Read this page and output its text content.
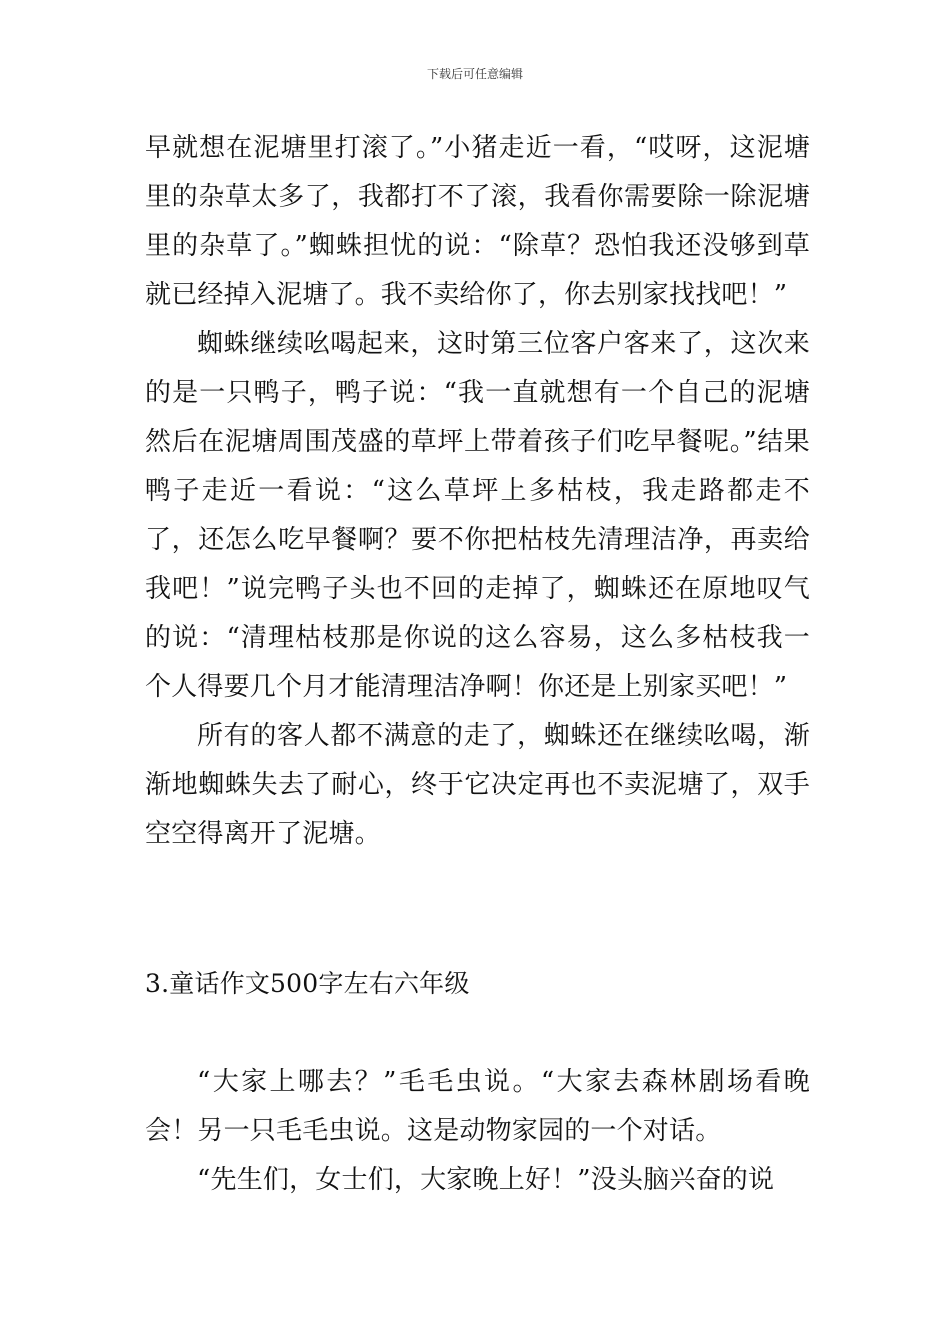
下载后可任意编辑

早就想在泥塘里打滚了。”小猪走近一看，“哎呀，这泥塘里的杂草太多了，我都打不了滚，我看你需要除一除泥塘里的杂草了。”蜘蛛担忧的说：“除草？恐怕我还没够到草就已经掉入泥塘了。我不卖给你了，你去别家找找吧！”

蜘蛛继续吆喝起来，这时第三位客户客来了，这次来的是一只鸭子，鸭子说：“我一直就想有一个自己的泥塘然后在泥塘周围茂盛的草坪上带着孩子们吃早餐呢。”结果鸭子走近一看说：“这么草坪上多枯枝，我走路都走不了，还怎么吃早餐啊？要不你把枯枝先清理洁净，再卖给我吧！”说完鸭子头也不回的走掉了，蜘蛛还在原地叹气的说：“清理枯枝那是你说的这么容易，这么多枯枝我一个人得要几个月才能清理洁净啊！你还是上别家买吧！”

所有的客人都不满意的走了，蜘蛛还在继续吆喝，渐渐地蜘蛛失去了耐心，终于它决定再也不卖泥塘了，双手空空得离开了泥塘。

3.童话作文500字左右六年级

“大家上哪去？”毛毛虫说。“大家去森林剧场看晚会！另一只毛毛虫说。这是动物家园的一个对话。

“先生们，女士们，大家晚上好！”没头脑兴奋的说
